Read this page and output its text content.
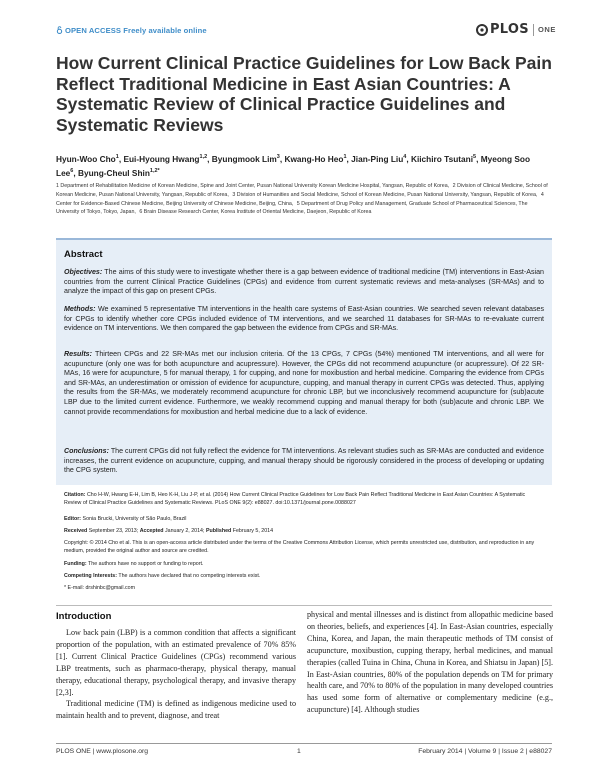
OPEN ACCESS Freely available online	PLOS ONE
How Current Clinical Practice Guidelines for Low Back Pain Reflect Traditional Medicine in East Asian Countries: A Systematic Review of Clinical Practice Guidelines and Systematic Reviews
Hyun-Woo Cho$^1$, Eui-Hyoung Hwang$^{1,2}$, Byungmook Lim$^3$, Kwang-Ho Heo$^1$, Jian-Ping Liu$^4$, Kiichiro Tsutani$^5$, Myeong Soo Lee$^6$, Byung-Cheul Shin$^{1,2*}$
1 Department of Rehabilitation Medicine of Korean Medicine, Spine and Joint Center, Pusan National University Korean Medicine Hospital, Yangsan, Republic of Korea, 2 Division of Clinical Medicine, School of Korean Medicine, Pusan National University, Yangsan, Republic of Korea, 3 Division of Humanities and Social Medicine, School of Korean Medicine, Pusan National University, Yangsan, Republic of Korea, 4 Center for Evidence-Based Chinese Medicine, Beijing University of Chinese Medicine, Beijing, China, 5 Department of Drug Policy and Management, Graduate School of Pharmaceutical Sciences, The University of Tokyo, Tokyo, Japan, 6 Brain Disease Research Center, Korea Institute of Oriental Medicine, Daejeon, Republic of Korea
Abstract

Objectives: The aims of this study were to investigate whether there is a gap between evidence of traditional medicine (TM) interventions in East-Asian countries from the current Clinical Practice Guidelines (CPGs) and evidence from current systematic reviews and meta-analyses (SR-MAs) and to analyze the impact of this gap on present CPGs.

Methods: We examined 5 representative TM interventions in the health care systems of East-Asian countries. We searched seven relevant databases for CPGs to identify whether core CPGs included evidence of TM interventions, and we searched 11 databases for SR-MAs to re-evaluate current evidence on TM interventions. We then compared the gap between the evidence from CPGs and SR-MAs.

Results: Thirteen CPGs and 22 SR-MAs met our inclusion criteria. Of the 13 CPGs, 7 CPGs (54%) mentioned TM interventions, and all were for acupuncture (only one was for both acupuncture and acupressure). However, the CPGs did not recommend acupuncture (or acupressure). Of 22 SR-MAs, 16 were for acupuncture, 5 for manual therapy, 1 for cupping, and none for moxibustion and herbal medicine. Comparing the evidence from CPGs and SR-MAs, an underestimation or omission of evidence for acupuncture, cupping, and manual therapy in current CPGs was detected. Thus, applying the results from the SR-MAs, we moderately recommend acupuncture for chronic LBP, but we inconclusively recommend acupuncture for (sub)acute LBP due to the limited current evidence. Furthermore, we weakly recommend cupping and manual therapy for both (sub)acute and chronic LBP. We cannot provide recommendations for moxibustion and herbal medicine due to a lack of evidence.

Conclusions: The current CPGs did not fully reflect the evidence for TM interventions. As relevant studies such as SR-MAs are conducted and evidence increases, the current evidence on acupuncture, cupping, and manual therapy should be rigorously considered in the process of developing or updating the CPG system.

Citation: Cho H-W, Hwang E-H, Lim B, Heo K-H, Liu J-P, et al. (2014) How Current Clinical Practice Guidelines for Low Back Pain Reflect Traditional Medicine in East Asian Countries: A Systematic Review of Clinical Practice Guidelines and Systematic Reviews. PLoS ONE 9(2): e88027. doi:10.1371/journal.pone.0088027

Editor: Sonia Brucki, University of São Paulo, Brazil

Received September 23, 2013; Accepted January 2, 2014; Published February 5, 2014

Copyright: © 2014 Cho et al. This is an open-access article distributed under the terms of the Creative Commons Attribution License, which permits unrestricted use, distribution, and reproduction in any medium, provided the original author and source are credited.

Funding: The authors have no support or funding to report.

Competing Interests: The authors have declared that no competing interests exist.

* E-mail: drshinbc@gmail.com

Introduction
Low back pain (LBP) is a common condition that affects a significant proportion of the population, with an estimated prevalence of 70% 85% [1]. Current Clinical Practice Guidelines (CPGs) recommend various LBP treatments, such as pharmaco-therapy, physical therapy, manual therapy, educational therapy, psychological therapy, and invasive therapy [2,3].
Traditional medicine (TM) is defined as indigenous medicine used to maintain health and to prevent, diagnose, and treat
physical and mental illnesses and is distinct from allopathic medicine based on theories, beliefs, and experiences [4]. In East-Asian countries, especially China, Korea, and Japan, the main therapeutic methods of TM consist of acupuncture, moxibustion, cupping therapy, herbal medicines, and manual therapies (called Tuina in China, Chuna in Korea, and Shiatsu in Japan) [5]. In East-Asian countries, 80% of the population depends on TM for primary health care, and 70% to 80% of the population in many developed countries has used some form of alternative or complementary medicine (e.g., acupuncture) [4]. Although studies
PLOS ONE | www.plosone.org	1	February 2014 | Volume 9 | Issue 2 | e88027
